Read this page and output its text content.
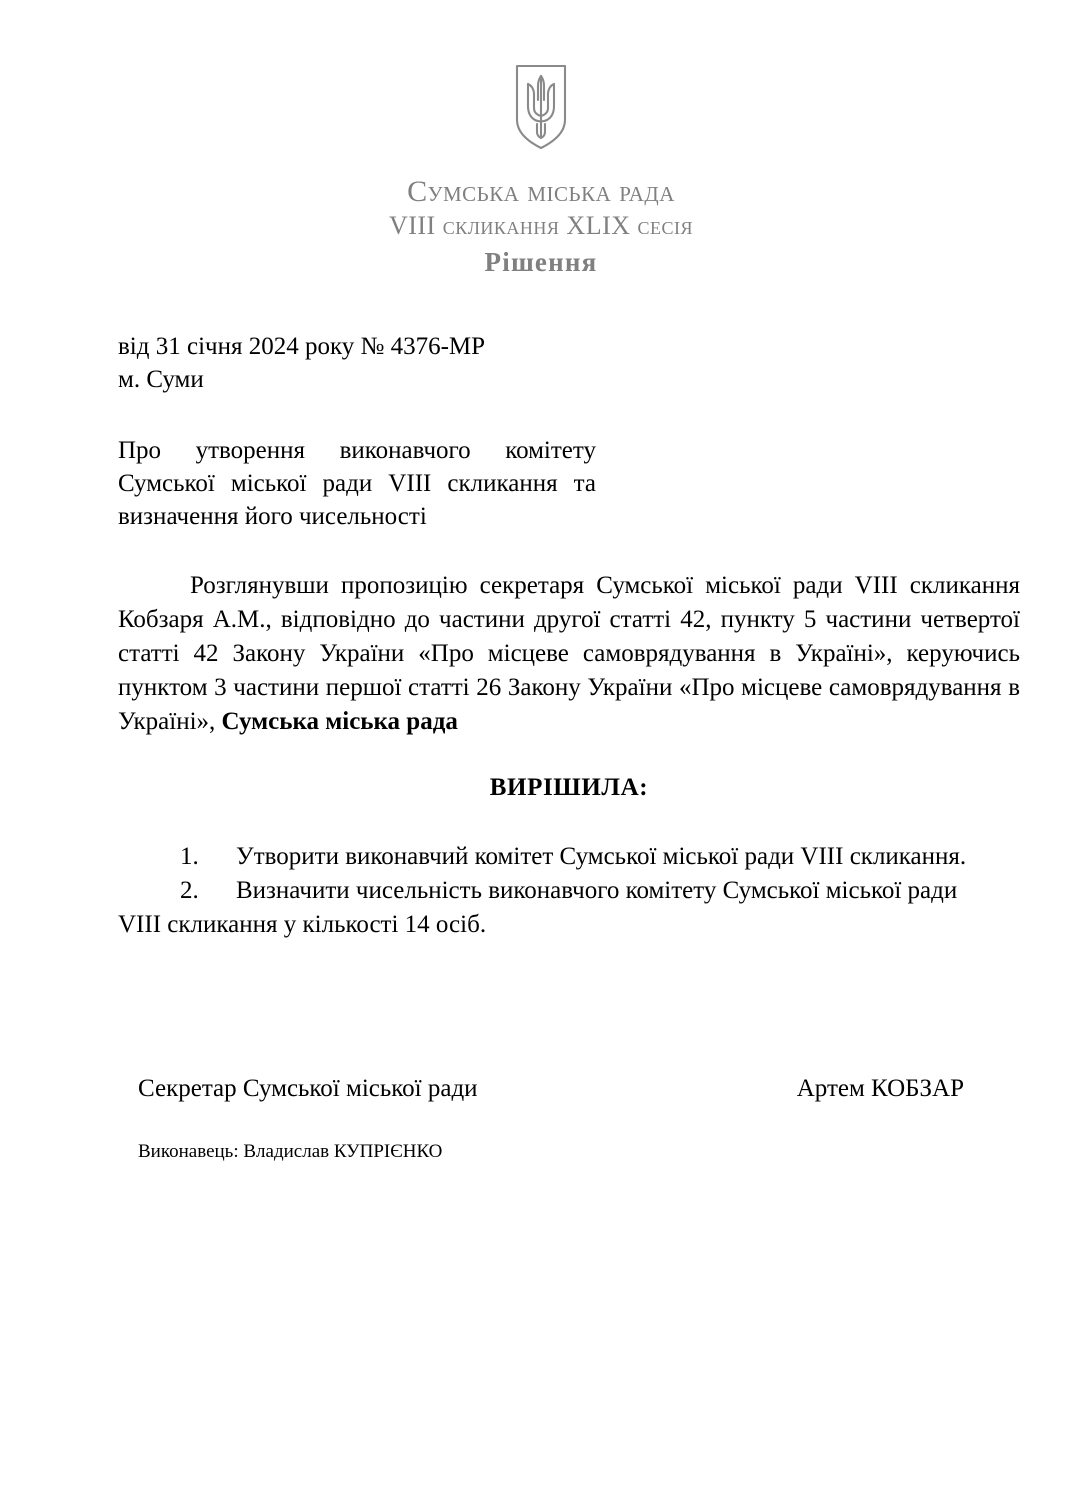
Сумська міська рада

VIII скликання XLIX сесія

Рішення

від 31 січня 2024 року № 4376-МР

м. Суми

Про утворення виконавчого комітету

Сумської міської ради VIII скликання та

визначення його чисельності

Розглянувши пропозицію секретаря Сумської міської ради VIII скликання Кобзаря А.М., відповідно до частини другої статті 42, пункту 5 частини четвертої статті 42 Закону України «Про місцеве самоврядування в Україні», керуючись пунктом 3 частини першої статті 26 Закону України «Про місцеве самоврядування в Україні», Сумська міська рада

ВИРІШИЛА:

1. Утворити виконавчий комітет Сумської міської ради VIII скликання.

2. Визначити чисельність виконавчого комітету Сумської міської ради

VIII скликання у кількості 14 осіб.

Секретар Сумської міської ради	Артем КОБЗАР

Виконавець: Владислав КУПРІЄНКО
